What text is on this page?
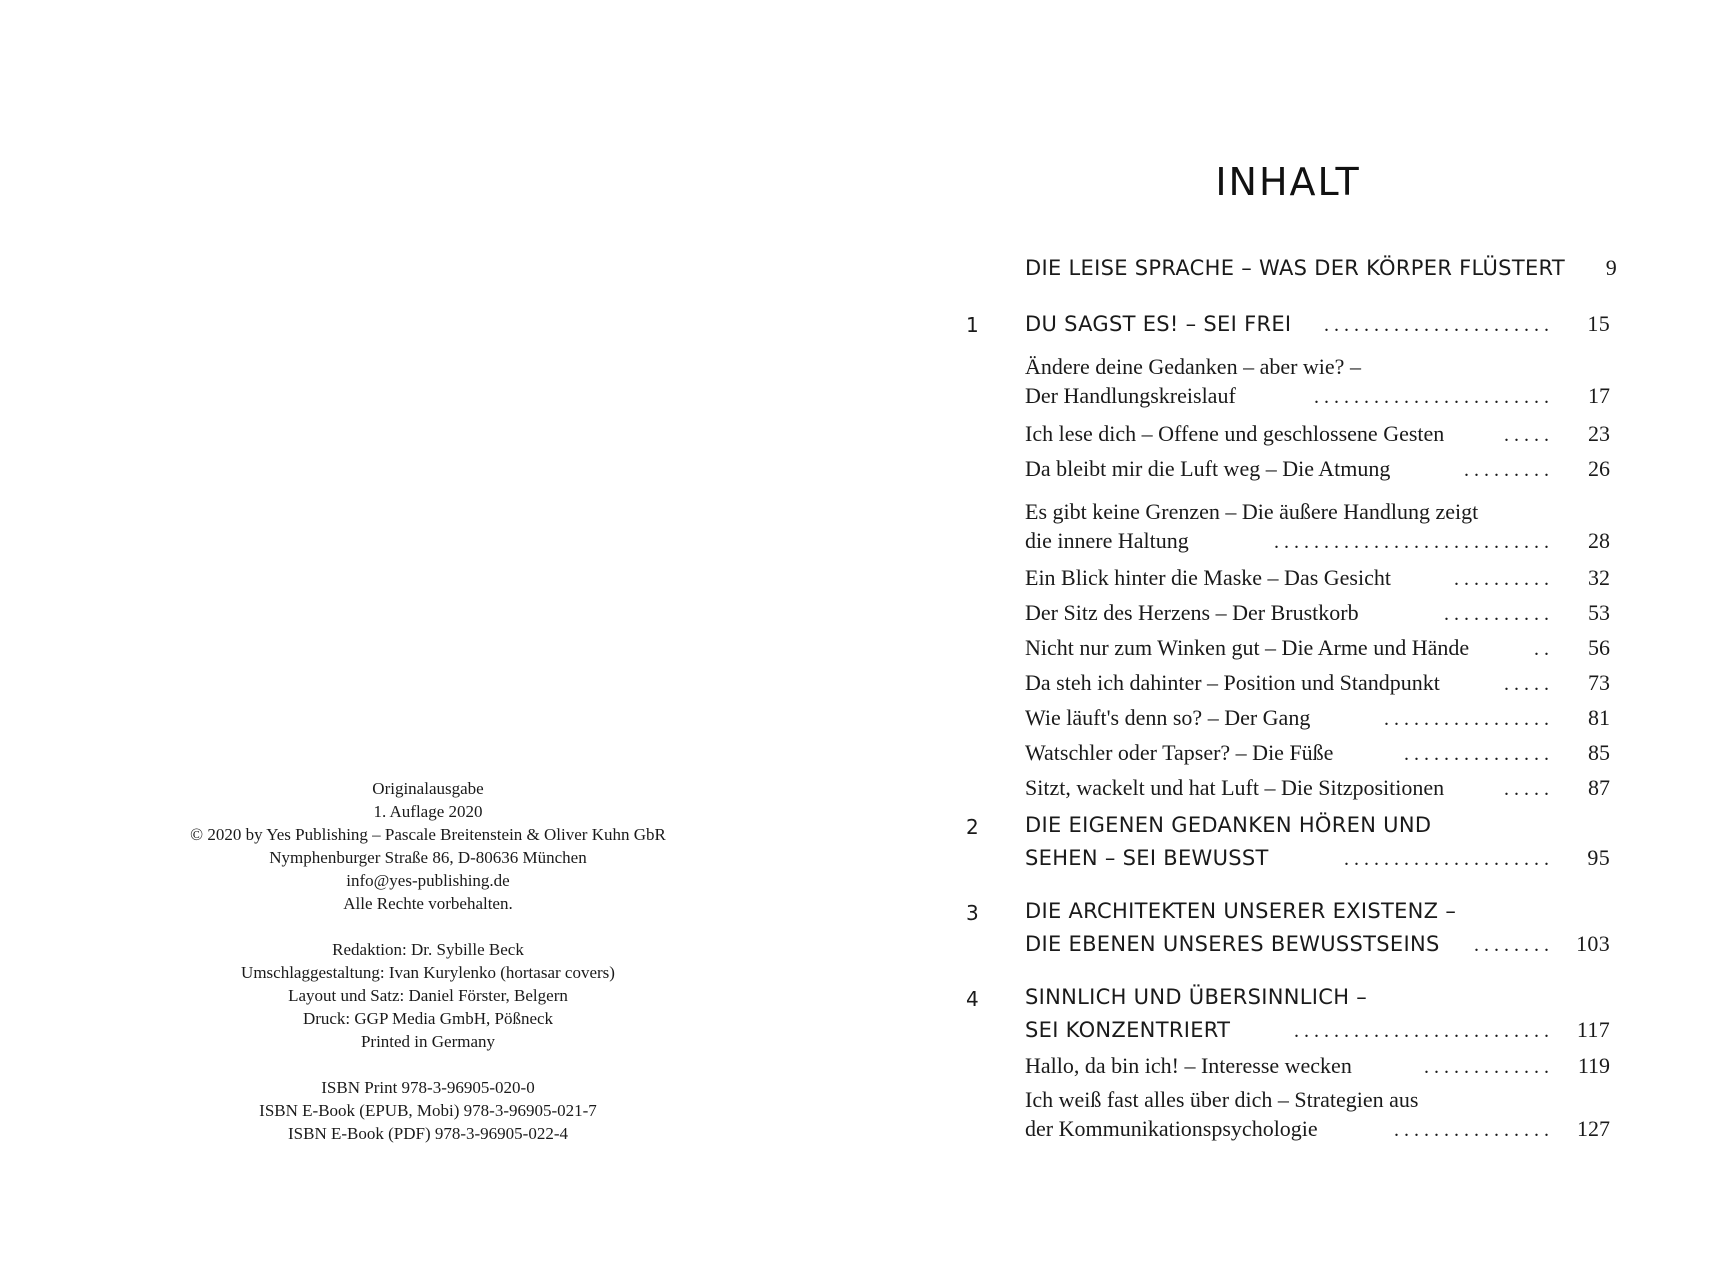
Originalausgabe
1. Auflage 2020
© 2020 by Yes Publishing – Pascale Breitenstein & Oliver Kuhn GbR
Nymphenburger Straße 86, D-80636 München
info@yes-publishing.de
Alle Rechte vorbehalten.
Redaktion: Dr. Sybille Beck
Umschlaggestaltung: Ivan Kurylenko (hortasar covers)
Layout und Satz: Daniel Förster, Belgern
Druck: GGP Media GmbH, Pößneck
Printed in Germany
ISBN Print 978-3-96905-020-0
ISBN E-Book (EPUB, Mobi) 978-3-96905-021-7
ISBN E-Book (PDF) 978-3-96905-022-4
INHALT
DIE LEISE SPRACHE – WAS DER KÖRPER FLÜSTERT	9
1 DU SAGST ES! – SEI FREI	.......................	15
Ändere deine Gedanken – aber wie? –
Der Handlungskreislauf	........................	17
Ich lese dich – Offene und geschlossene Gesten	.....	23
Da bleibt mir die Luft weg – Die Atmung	.........	26
Es gibt keine Grenzen – Die äußere Handlung zeigt
die innere Haltung	............................	28
Ein Blick hinter die Maske – Das Gesicht	..........	32
Der Sitz des Herzens – Der Brustkorb	...........	53
Nicht nur zum Winken gut – Die Arme und Hände	..	56
Da steh ich dahinter – Position und Standpunkt	.....	73
Wie läuft's denn so? – Der Gang	.................	81
Watschler oder Tapser? – Die Füße	...............	85
Sitzt, wackelt und hat Luft – Die Sitzpositionen	.....	87
2 DIE EIGENEN GEDANKEN HÖREN UND
SEHEN – SEI BEWUSST	.....................	95
3 DIE ARCHITEKTEN UNSERER EXISTENZ –
DIE EBENEN UNSERES BEWUSSTSEINS	........	103
4 SINNLICH UND ÜBERSINNLICH –
SEI KONZENTRIERT	..........................	117
Hallo, da bin ich! – Interesse wecken	.............	119
Ich weiß fast alles über dich – Strategien aus
der Kommunikationspsychologie	................	127
